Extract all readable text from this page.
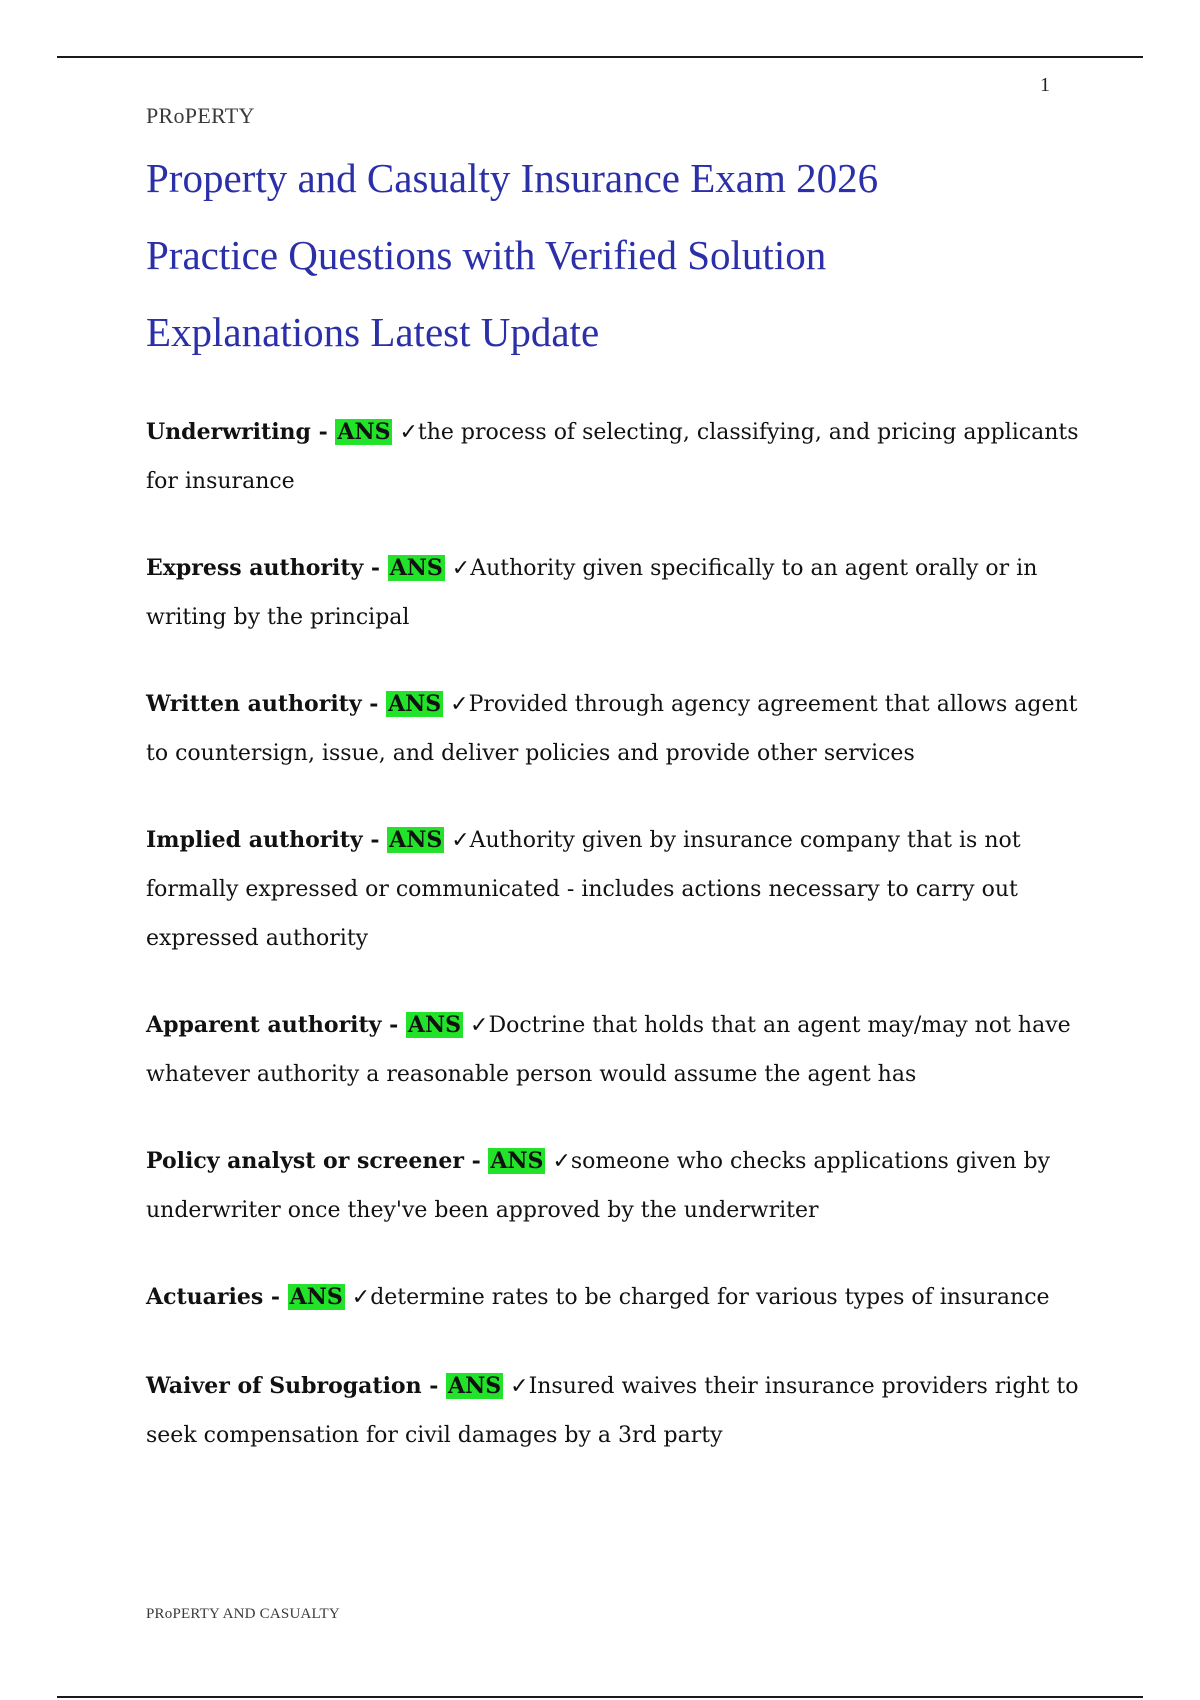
1
PRoPERTY
Property and Casualty Insurance Exam 2026
Practice Questions with Verified Solution
Explanations Latest Update
Underwriting - ANS ✓the process of selecting, classifying, and pricing applicants
for insurance
Express authority - ANS ✓Authority given specifically to an agent orally or in
writing by the principal
Written authority - ANS ✓Provided through agency agreement that allows agent
to countersign, issue, and deliver policies and provide other services
Implied authority - ANS ✓Authority given by insurance company that is not
formally expressed or communicated - includes actions necessary to carry out
expressed authority
Apparent authority - ANS ✓Doctrine that holds that an agent may/may not have
whatever authority a reasonable person would assume the agent has
Policy analyst or screener - ANS ✓someone who checks applications given by
underwriter once they've been approved by the underwriter
Actuaries - ANS ✓determine rates to be charged for various types of insurance
Waiver of Subrogation - ANS ✓Insured waives their insurance providers right to
seek compensation for civil damages by a 3rd party
PRoPERTY AND CASUALTY
